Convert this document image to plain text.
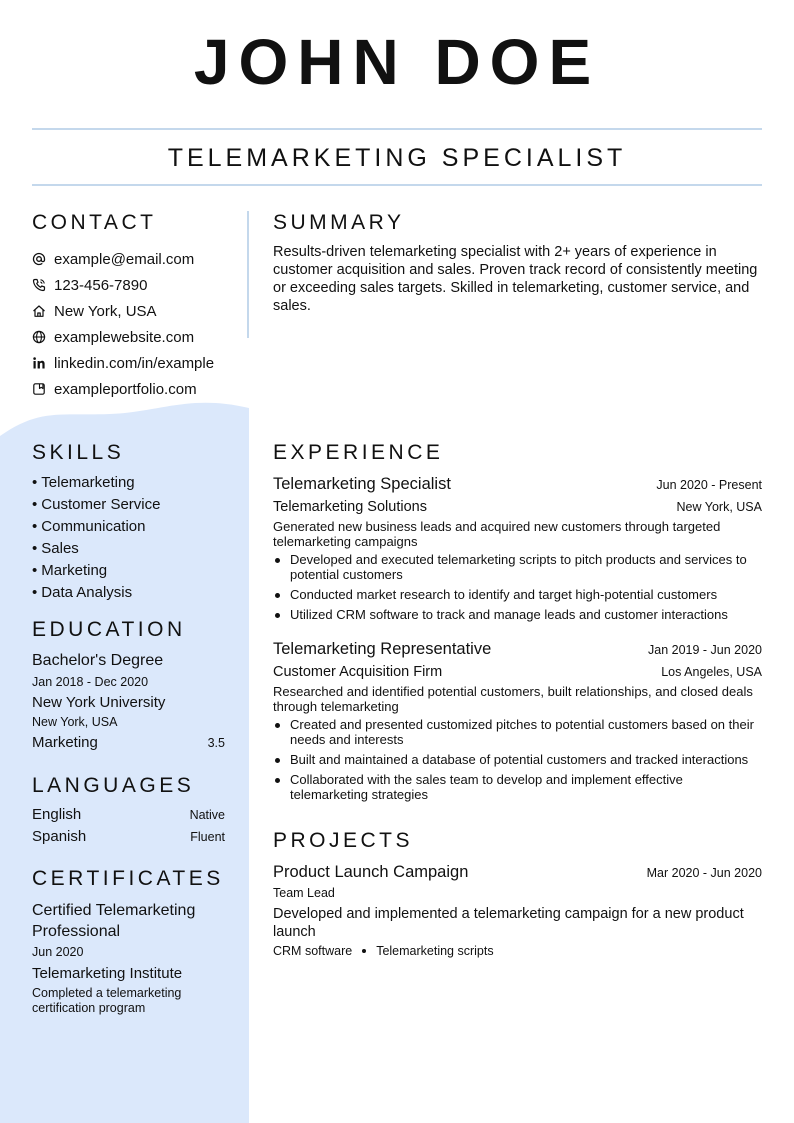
JOHN DOE
TELEMARKETING SPECIALIST
CONTACT
example@email.com
123-456-7890
New York, USA
examplewebsite.com
linkedin.com/in/example
exampleportfolio.com
SUMMARY

Results-driven telemarketing specialist with 2+ years of experience in customer acquisition and sales. Proven track record of consistently meeting or exceeding sales targets. Skilled in telemarketing, customer service, and sales.

SKILLS
• Telemarketing
• Customer Service
• Communication
• Sales
• Marketing
• Data Analysis
EDUCATION
Bachelor's Degree
Jan 2018 - Dec 2020
New York University
New York, USA
Marketing	3.5
LANGUAGES
English	Native
Spanish	Fluent
CERTIFICATES
Certified Telemarketing Professional
Jun 2020
Telemarketing Institute
Completed a telemarketing certification program
EXPERIENCE
Telemarketing Specialist	Jun 2020 - Present
Telemarketing Solutions	New York, USA
Generated new business leads and acquired new customers through targeted telemarketing campaigns
Developed and executed telemarketing scripts to pitch products and services to potential customers
Conducted market research to identify and target high-potential customers
Utilized CRM software to track and manage leads and customer interactions
Telemarketing Representative	Jan 2019 - Jun 2020
Customer Acquisition Firm	Los Angeles, USA
Researched and identified potential customers, built relationships, and closed deals through telemarketing
Created and presented customized pitches to potential customers based on their needs and interests
Built and maintained a database of potential customers and tracked interactions
Collaborated with the sales team to develop and implement effective telemarketing strategies
PROJECTS
Product Launch Campaign	Mar 2020 - Jun 2020
Team Lead
Developed and implemented a telemarketing campaign for a new product launch
CRM software Telemarketing scripts
